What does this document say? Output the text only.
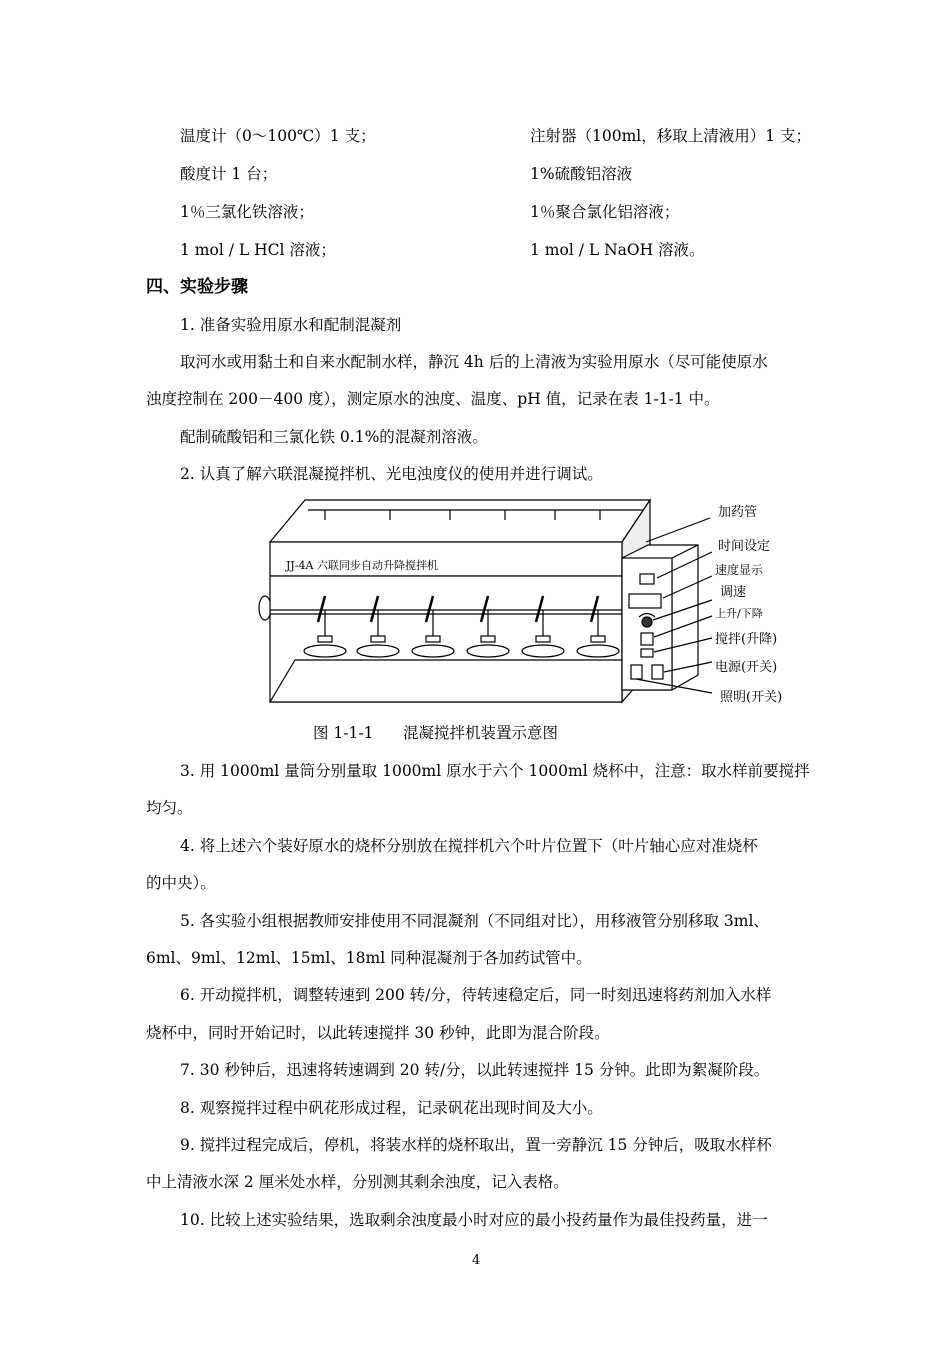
温度计（0～100℃）1 支；	注射器（100ml，移取上清液用）1 支；
酸度计 1 台；	1%硫酸铝溶液
1％三氯化铁溶液；	1％聚合氯化铝溶液；
1 mol / L HCl 溶液；	1 mol / L NaOH 溶液。
四、实验步骤
1. 准备实验用原水和配制混凝剂
取河水或用黏土和自来水配制水样，静沉 4h 后的上清液为实验用原水（尽可能使原水
浊度控制在 200－400 度），测定原水的浊度、温度、pH 值，记录在表 1-1-1 中。
配制硫酸铝和三氯化铁 0.1%的混凝剂溶液。
2. 认真了解六联混凝搅拌机、光电浊度仪的使用并进行调试。
JJ-4A 六联同步自动升降搅拌机
加药管
时间设定
速度显示
调速
上升/下降
搅拌(升降)
电源(开关)
照明(开关)
图 1-1-1 混凝搅拌机装置示意图
3. 用 1000ml 量筒分别量取 1000ml 原水于六个 1000ml 烧杯中，注意：取水样前要搅拌
均匀。
4. 将上述六个装好原水的烧杯分别放在搅拌机六个叶片位置下（叶片轴心应对准烧杯
的中央）。
5. 各实验小组根据教师安排使用不同混凝剂（不同组对比），用移液管分别移取 3ml、
6ml、9ml、12ml、15ml、18ml 同种混凝剂于各加药试管中。
6. 开动搅拌机，调整转速到 200 转/分，待转速稳定后，同一时刻迅速将药剂加入水样
烧杯中，同时开始记时，以此转速搅拌 30 秒钟，此即为混合阶段。
7. 30 秒钟后，迅速将转速调到 20 转/分，以此转速搅拌 15 分钟。此即为絮凝阶段。
8. 观察搅拌过程中矾花形成过程，记录矾花出现时间及大小。
9. 搅拌过程完成后，停机，将装水样的烧杯取出，置一旁静沉 15 分钟后，吸取水样杯
中上清液水深 2 厘米处水样，分别测其剩余浊度，记入表格。
10. 比较上述实验结果，选取剩余浊度最小时对应的最小投药量作为最佳投药量，进一
4
